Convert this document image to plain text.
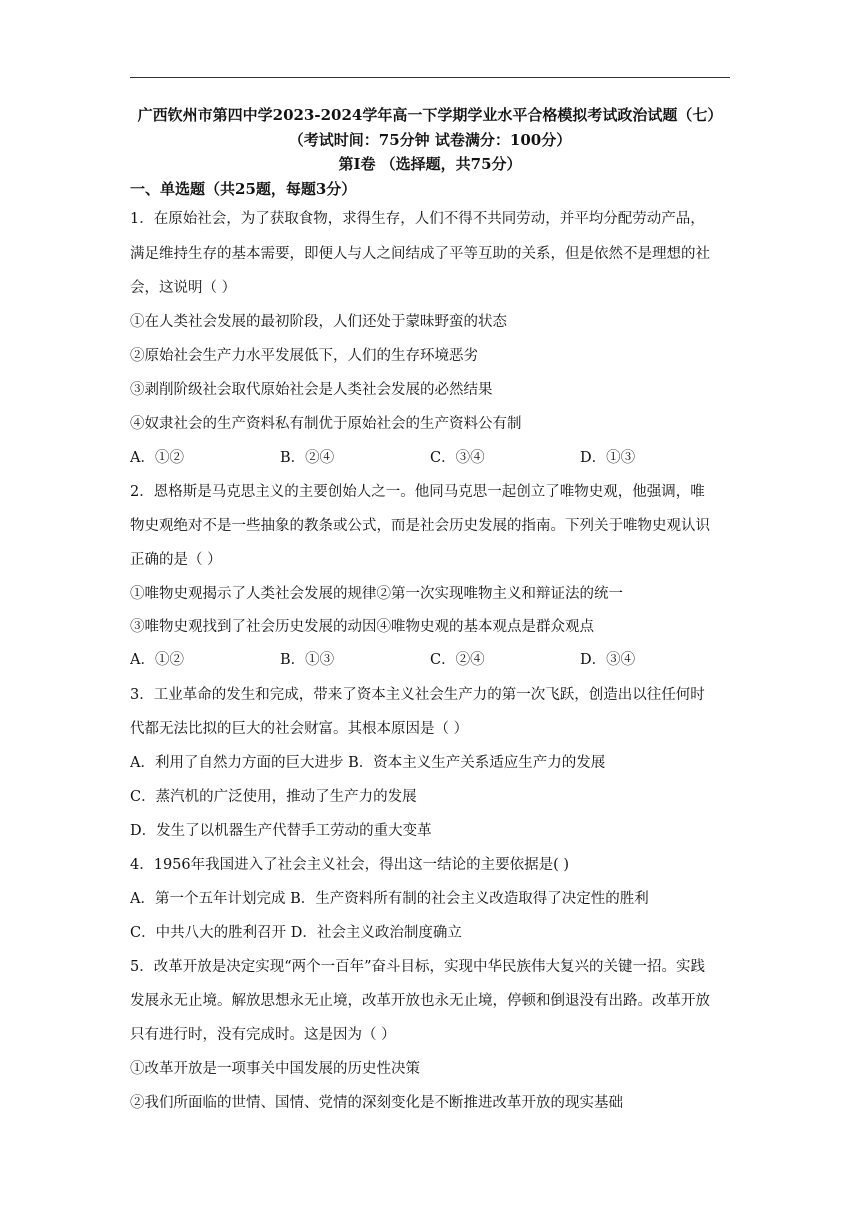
广西钦州市第四中学2023-2024学年高一下学期学业水平合格模拟考试政治试题（七）
（考试时间：75分钟 试卷满分：100分）
第I卷 （选择题，共75分）
一、单选题（共25题，每题3分）
1．在原始社会，为了获取食物，求得生存，人们不得不共同劳动，并平均分配劳动产品，
满足维持生存的基本需要，即便人与人之间结成了平等互助的关系，但是依然不是理想的社
会，这说明（ ）
①在人类社会发展的最初阶段，人们还处于蒙昧野蛮的状态
②原始社会生产力水平发展低下，人们的生存环境恶劣
③剥削阶级社会取代原始社会是人类社会发展的必然结果
④奴隶社会的生产资料私有制优于原始社会的生产资料公有制
A．①②	B．②④	C．③④	D．①③
2．恩格斯是马克思主义的主要创始人之一。他同马克思一起创立了唯物史观，他强调，唯
物史观绝对不是一些抽象的教条或公式，而是社会历史发展的指南。下列关于唯物史观认识
正确的是（ ）
①唯物史观揭示了人类社会发展的规律②第一次实现唯物主义和辩证法的统一
③唯物史观找到了社会历史发展的动因④唯物史观的基本观点是群众观点
A．①②	B．①③	C．②④	D．③④
3．工业革命的发生和完成，带来了资本主义社会生产力的第一次飞跃，创造出以往任何时
代都无法比拟的巨大的社会财富。其根本原因是（ ）
A．利用了自然力方面的巨大进步 B．资本主义生产关系适应生产力的发展
C．蒸汽机的广泛使用，推动了生产力的发展
D．发生了以机器生产代替手工劳动的重大变革
4．1956年我国进入了社会主义社会，得出这一结论的主要依据是( )
A．第一个五年计划完成 B．生产资料所有制的社会主义改造取得了决定性的胜利
C．中共八大的胜利召开 D．社会主义政治制度确立
5．改革开放是决定实现“两个一百年”奋斗目标，实现中华民族伟大复兴的关键一招。实践
发展永无止境。解放思想永无止境，改革开放也永无止境，停顿和倒退没有出路。改革开放
只有进行时，没有完成时。这是因为（ ）
①改革开放是一项事关中国发展的历史性决策
②我们所面临的世情、国情、党情的深刻变化是不断推进改革开放的现实基础
